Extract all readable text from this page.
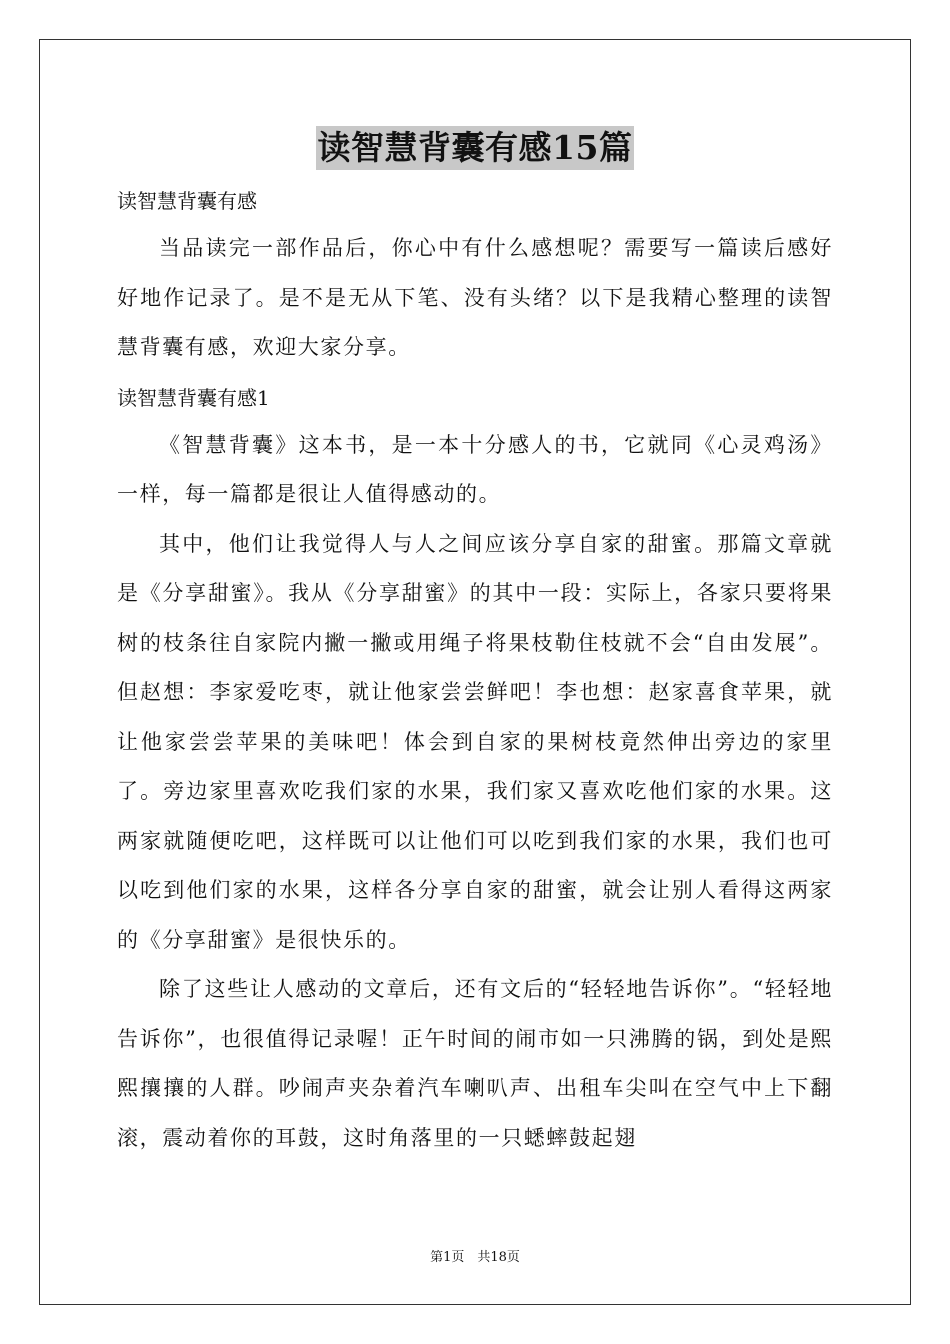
读智慧背囊有感15篇
读智慧背囊有感

当品读完一部作品后，你心中有什么感想呢？需要写一篇读后感好好地作记录了。是不是无从下笔、没有头绪？以下是我精心整理的读智慧背囊有感，欢迎大家分享。

读智慧背囊有感1

《智慧背囊》这本书，是一本十分感人的书，它就同《心灵鸡汤》一样，每一篇都是很让人值得感动的。

其中，他们让我觉得人与人之间应该分享自家的甜蜜。那篇文章就是《分享甜蜜》。我从《分享甜蜜》的其中一段：实际上，各家只要将果树的枝条往自家院内撇一撇或用绳子将果枝勒住枝就不会“自由发展”。但赵想：李家爱吃枣，就让他家尝尝鲜吧！李也想：赵家喜食苹果，就让他家尝尝苹果的美味吧！体会到自家的果树枝竟然伸出旁边的家里了。旁边家里喜欢吃我们家的水果，我们家又喜欢吃他们家的水果。这两家就随便吃吧，这样既可以让他们可以吃到我们家的水果，我们也可以吃到他们家的水果，这样各分享自家的甜蜜，就会让别人看得这两家的《分享甜蜜》是很快乐的。

除了这些让人感动的文章后，还有文后的“轻轻地告诉你”。“轻轻地告诉你”，也很值得记录喔！正午时间的闹市如一只沸腾的锅，到处是熙熙攘攘的人群。吵闹声夹杂着汽车喇叭声、出租车尖叫在空气中上下翻滚，震动着你的耳鼓，这时角落里的一只蟋蟀鼓起翅

第1页　共18页
